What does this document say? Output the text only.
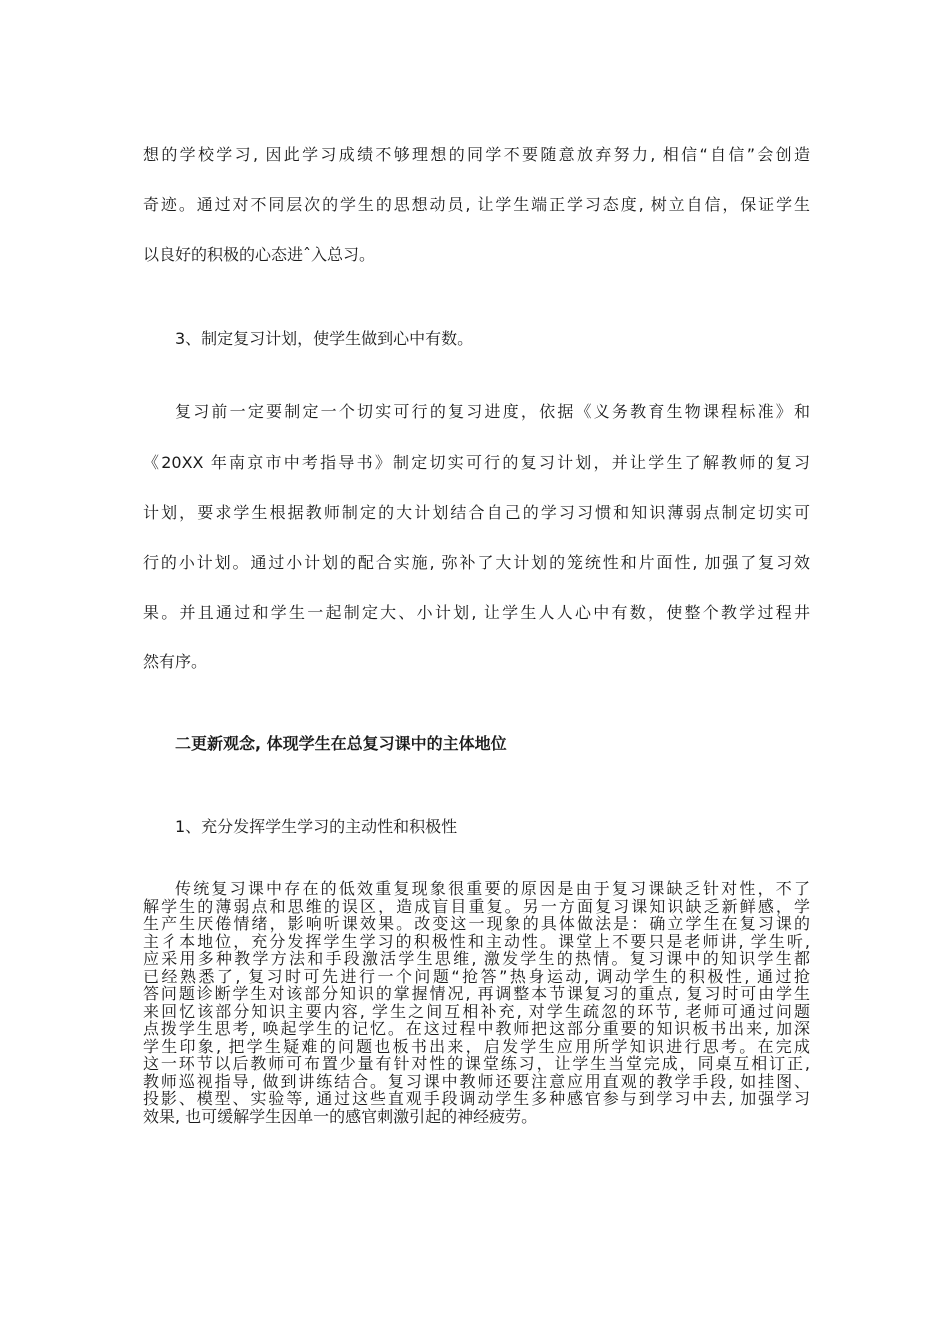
想的学校学习, 因此学习成绩不够理想的同学不要随意放弃努力, 相信“自信”会创造
奇迹。通过对不同层次的学生的思想动员, 让学生端正学习态度, 树立自信，保证学生
以良好的积极的心态进ˆ入总习。
3、制定复习计划，使学生做到心中有数。
复习前一定要制定一个切实可行的复习进度，依据《义务教育生物课程标准》和
《20XX 年南京市中考指导书》制定切实可行的复习计划，并让学生了解教师的复习
计划，要求学生根据教师制定的大计划结合自己的学习习惯和知识薄弱点制定切实可
行的小计划。通过小计划的配合实施, 弥补了大计划的笼统性和片面性, 加强了复习效
果。并且通过和学生一起制定大、小计划, 让学生人人心中有数，使整个教学过程井
然有序。
二更新观念, 体现学生在总复习课中的主体地位
1、充分发挥学生学习的主动性和积极性
传统复习课中存在的低效重复现象很重要的原因是由于复习课缺乏针对性，不了
解学生的薄弱点和思维的误区，造成盲目重复。另一方面复习课知识缺乏新鲜感，学
生产生厌倦情绪，影响听课效果。改变这一现象的具体做法是：确立学生在复习课的
主彳本地位，充分发挥学生学习的积极性和主动性。课堂上不要只是老师讲, 学生听,
应采用多种教学方法和手段激活学生思维, 激发学生的热情。复习课中的知识学生都
已经熟悉了, 复习时可先进行一个问题“抢答”热身运动, 调动学生的积极性, 通过抢
答问题诊断学生对该部分知识的掌握情况, 再调整本节课复习的重点, 复习时可由学生
来回忆该部分知识主要内容, 学生之间互相补充, 对学生疏忽的环节, 老师可通过问题
点拨学生思考, 唤起学生的记忆。在这过程中教师把这部分重要的知识板书出来, 加深
学生印象, 把学生疑难的问题也板书出来，启发学生应用所学知识进行思考。在完成
这一环节以后教师可布置少量有针对性的课堂练习，让学生当堂完成，同桌互相订正,
教师巡视指导, 做到讲练结合。复习课中教师还要注意应用直观的教学手段, 如挂图、
投影、模型、实验等, 通过这些直观手段调动学生多种感官参与到学习中去, 加强学习
效果, 也可缓解学生因单一的感官刺激引起的神经疲劳。
